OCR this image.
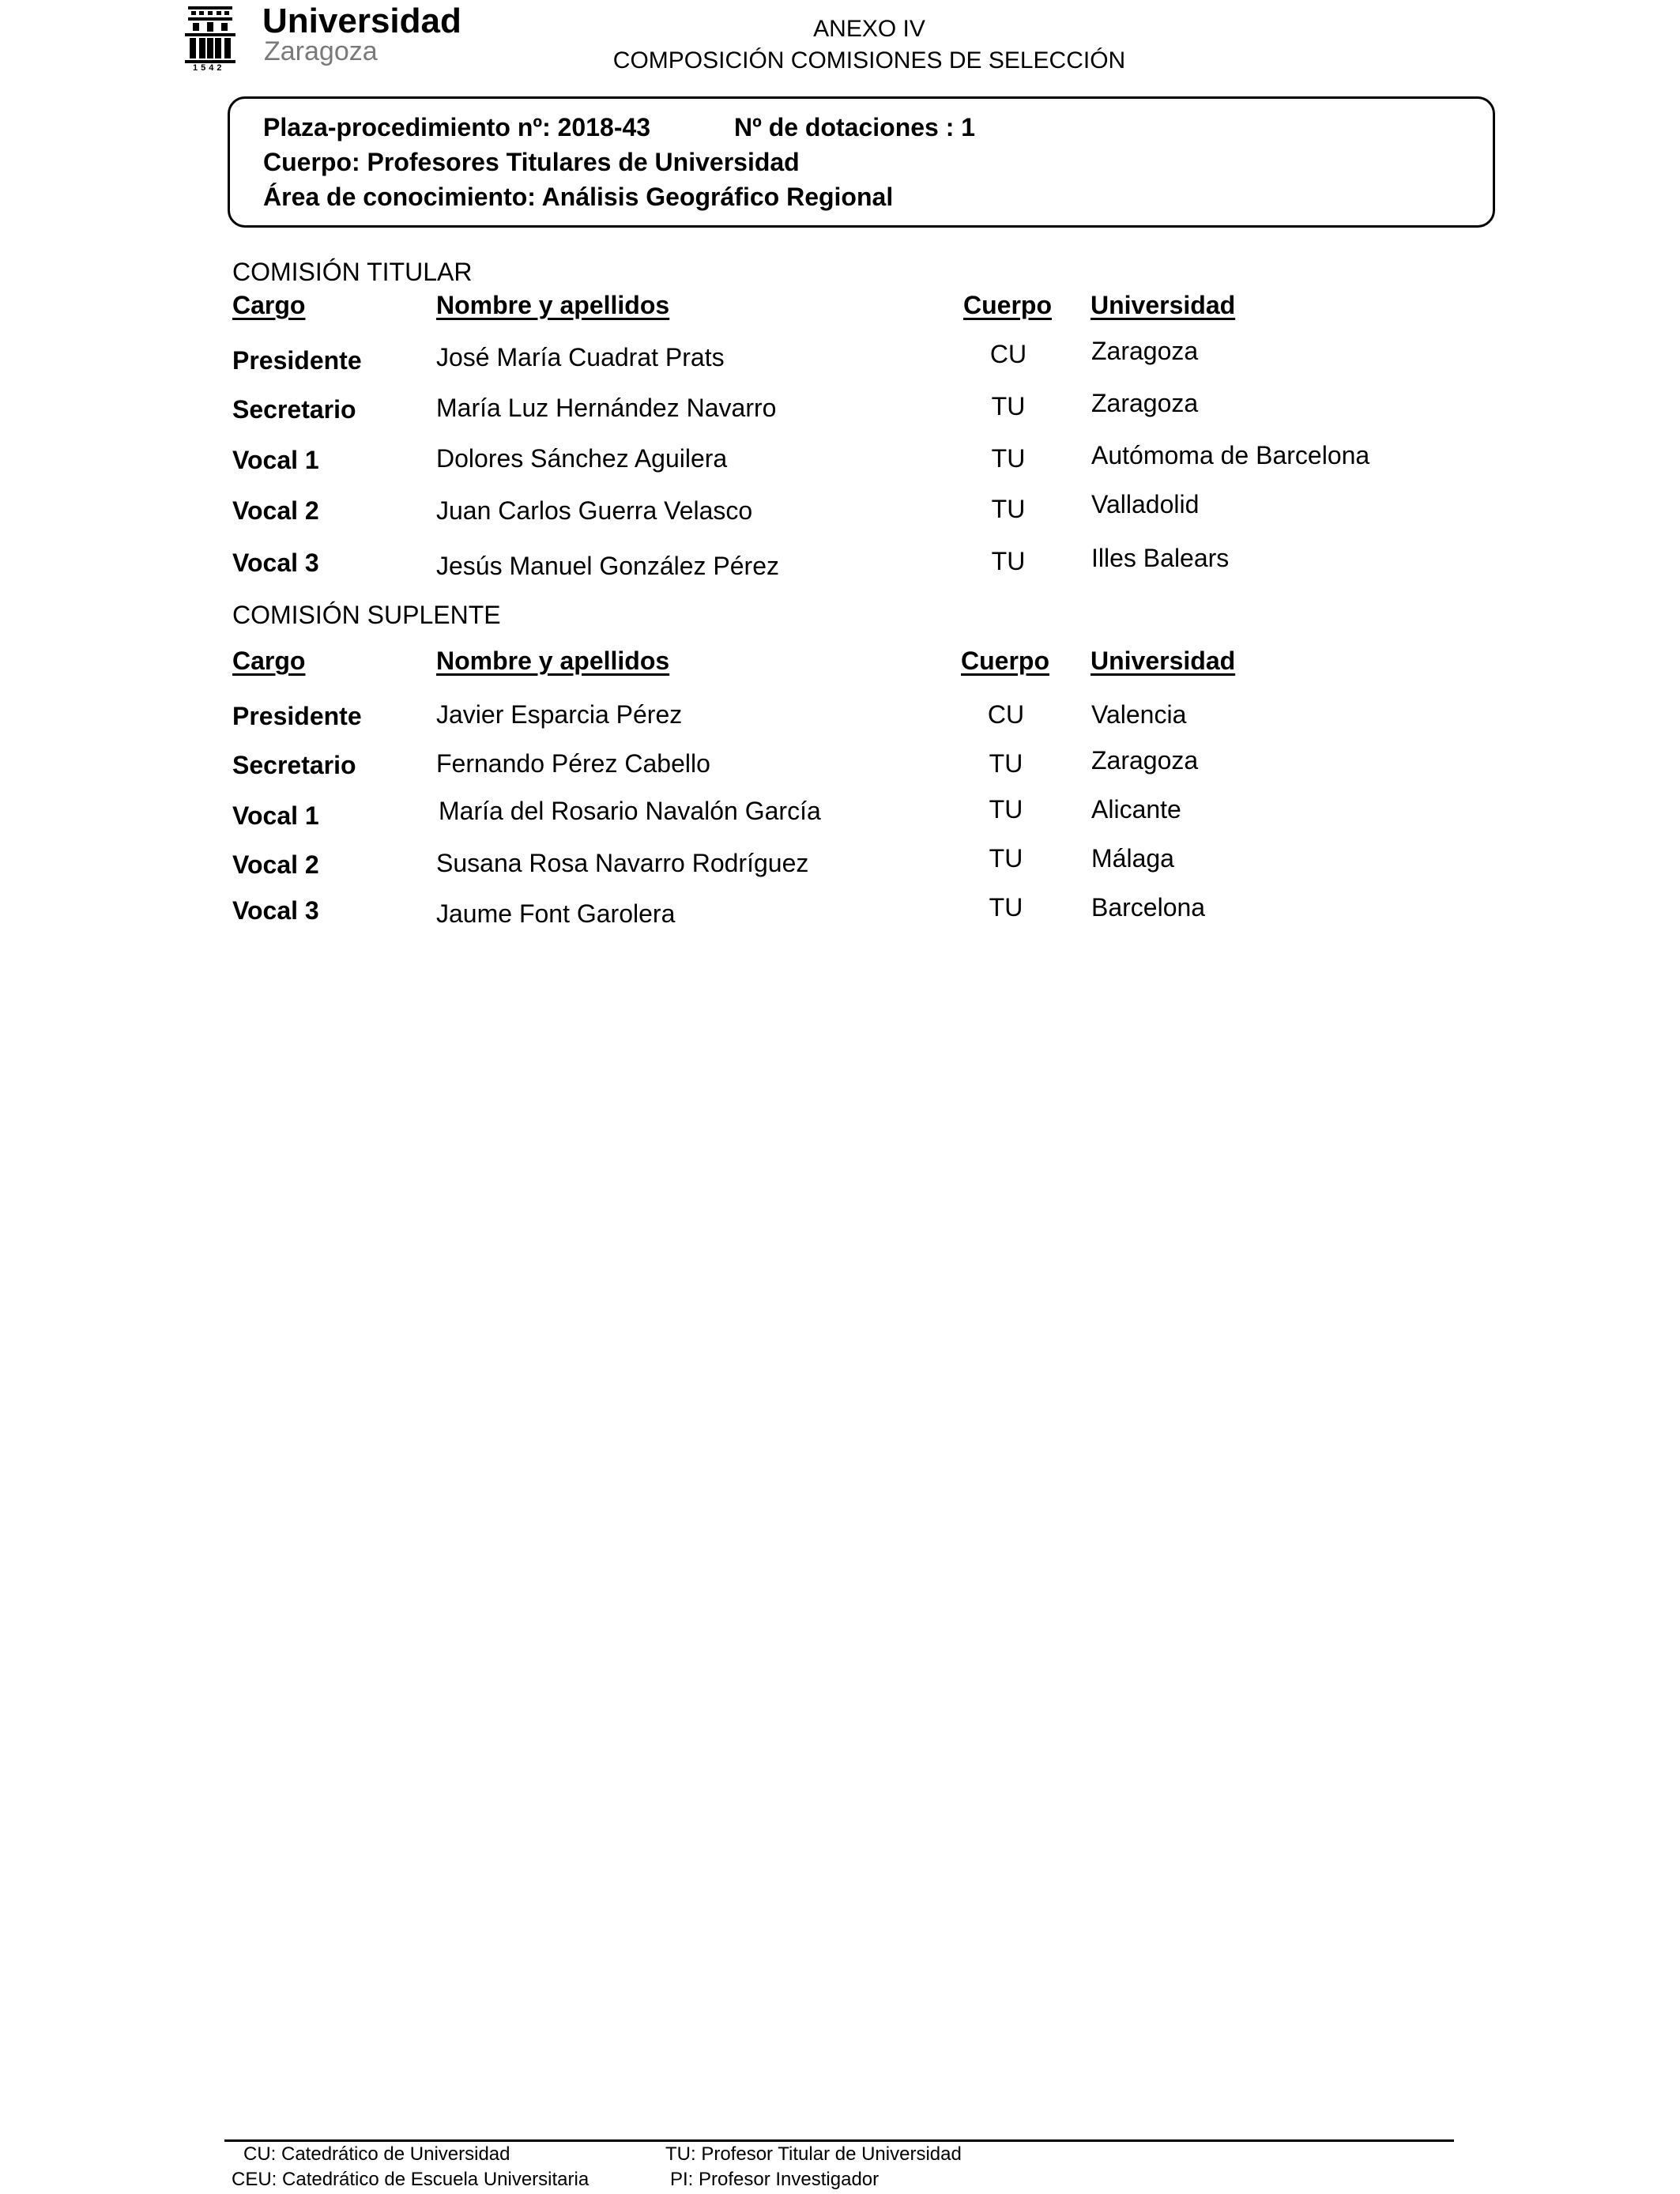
1542
Universidad
Zaragoza
ANEXO IV
COMPOSICIÓN COMISIONES DE SELECCIÓN
Plaza-procedimiento nº: 2018-43	Nº de dotaciones : 1
Cuerpo: Profesores Titulares de Universidad
Área de conocimiento: Análisis Geográfico Regional
COMISIÓN TITULAR
Cargo	Nombre y apellidos	Cuerpo Universidad
Presidente	José María Cuadrat Prats	CU	Zaragoza
Secretario	María Luz Hernández Navarro	TU	Zaragoza
Vocal 1	Dolores Sánchez Aguilera	TU	Autómoma de Barcelona
Vocal 2	Juan Carlos Guerra Velasco	TU	Valladolid
Vocal 3	Jesús Manuel González Pérez	TU	Illes Balears
COMISIÓN SUPLENTE
Cargo	Nombre y apellidos	Cuerpo Universidad
Presidente	Javier Esparcia Pérez	CU	Valencia
Secretario	Fernando Pérez Cabello	TU	Zaragoza
Vocal 1	María del Rosario Navalón García	TU	Alicante
Vocal 2	Susana Rosa Navarro Rodríguez	TU	Málaga
Vocal 3	Jaume Font Garolera	TU	Barcelona
CU: Catedrático de Universidad	TU: Profesor Titular de Universidad
CEU: Catedrático de Escuela Universitaria	PI: Profesor Investigador
